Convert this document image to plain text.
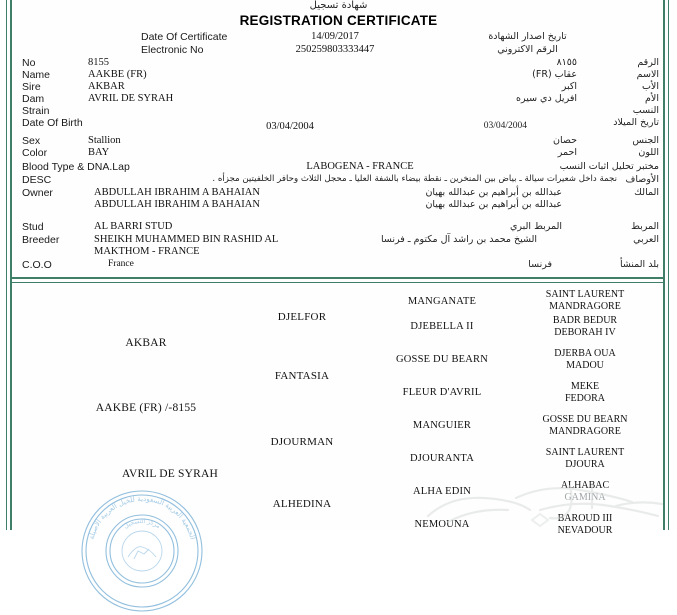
شهادة تسجيل
REGISTRATION CERTIFICATE
Date Of Certificate	14/09/2017	تاريخ اصدار الشهادة
Electronic No	250259803333447	الرقم الاكتروني
No	8155	٨١٥٥	الرقم
Name	AAKBE (FR)	عقاب (FR)	الاسم
Sire	AKBAR	اكبر	الأب
Dam	AVRIL DE SYRAH	افريل دي سيره	الأم
Strain	النسب
Date Of Birth	03/04/2004	03/04/2004	تاريخ الميلاد
Sex	Stallion	حصان	الجنس
Color	BAY	احمر	اللون
Blood Type & DNA.Lap	LABOGENA - FRANCE	مختبر تحليل اثبات النسب
DESC	نجمة داخل شعيرات سيالة ـ بياض بين المنخرين ـ نقطة بيضاء بالشفة العليا ـ محجل الثلاث وحافر الخلفيتين مجزأه . الأوصاف
Owner	ABDULLAH IBRAHIM A BAHAIAN	عبدالله بن أبراهيم بن عبدالله بهيان	المالك
ABDULLAH IBRAHIM A BAHAIAN	عبدالله بن أبراهيم بن عبدالله بهيان
Stud	AL BARRI STUD	المربط البري	المربط
Breeder	SHEIKH MUHAMMED BIN RASHID AL	الشيخ محمد بن راشد آل مكتوم ـ فرنسا	العربي
MAKTHOM - FRANCE
C.O.O	France	فرنسا	بلد المنشأ
AAKBE (FR) /-8155
AKBAR
AVRIL DE SYRAH
DJELFOR
FANTASIA
DJOURMAN
ALHEDINA
MANGANATE
DJEBELLA II
GOSSE DU BEARN
FLEUR D'AVRIL
MANGUIER
DJOURANTA
ALHA EDIN
NEMOUNA
SAINT LAURENT
MANDRAGORE
BADR BEDUR
DEBORAH IV
DJERBA OUA
MADOU
MEKE
FEDORA
GOSSE DU BEARN
MANDRAGORE
SAINT LAURENT
DJOURA
ALHABAC
GAMINA
BAROUD III
NEVADOUR
الجمعية العربية السعودية للخيل العربية الاصيلة
مركز التسجيل
